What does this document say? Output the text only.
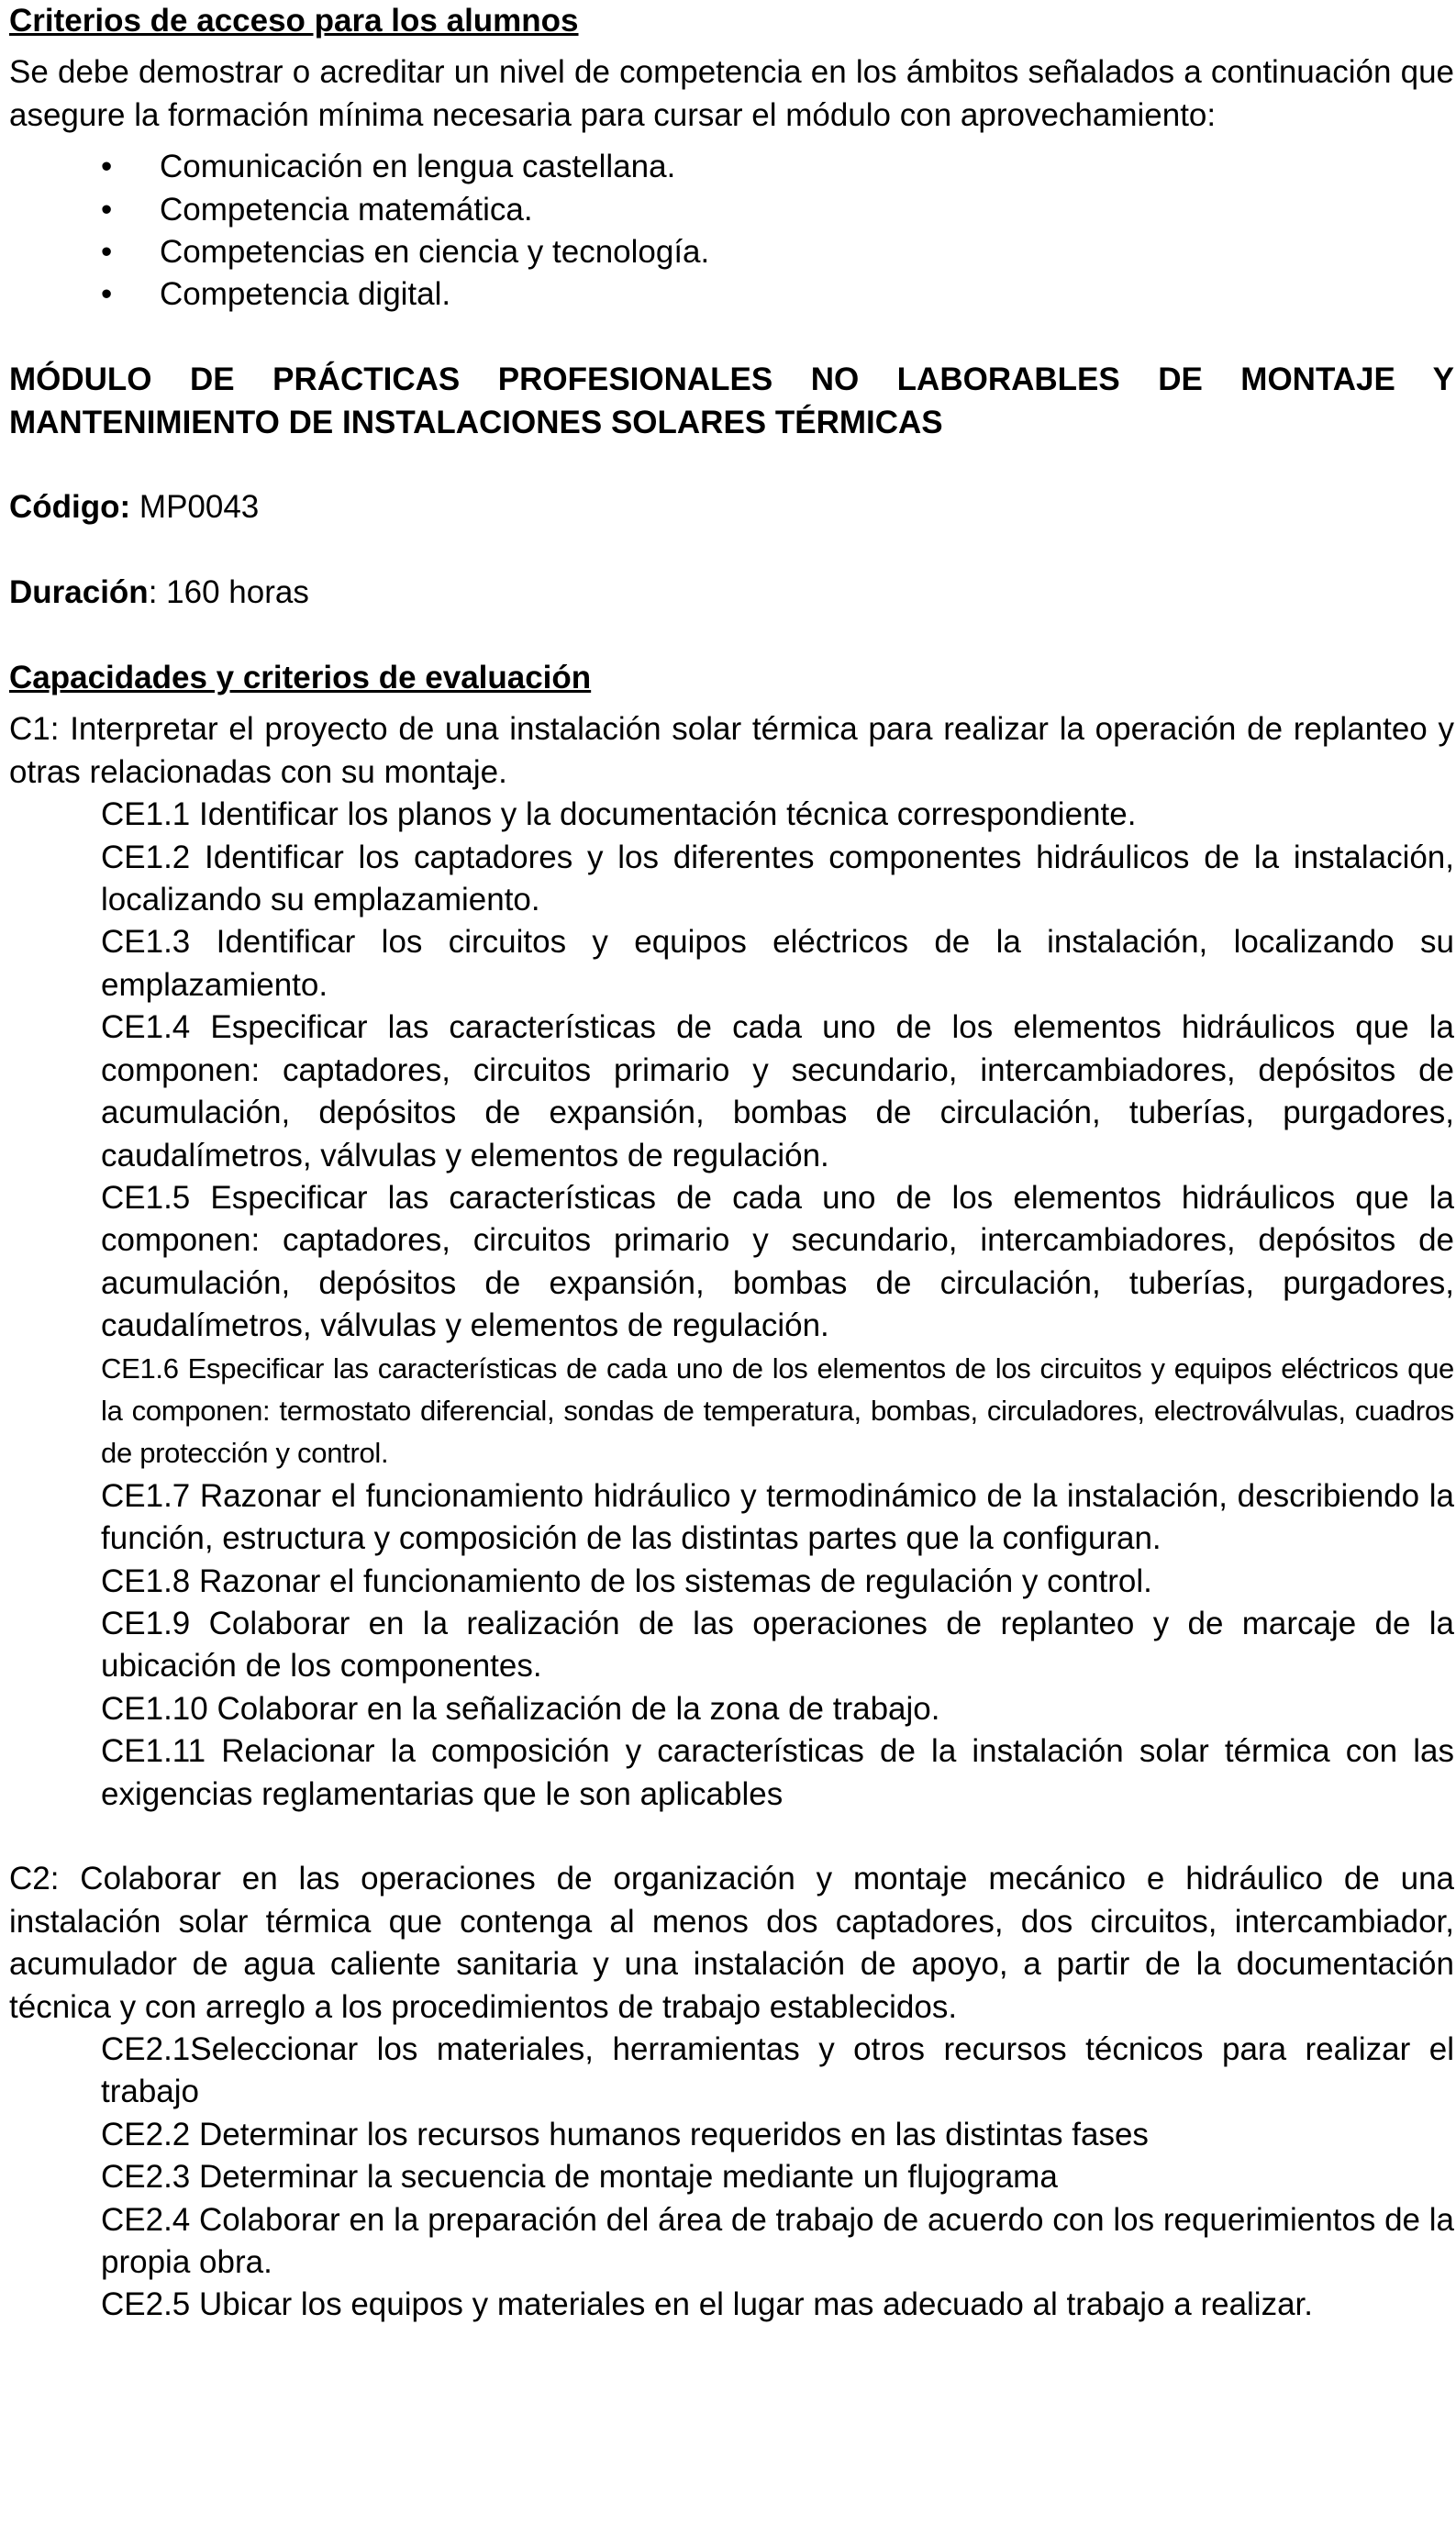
Criterios de acceso para los alumnos
Se debe demostrar o acreditar un nivel de competencia en los ámbitos señalados a continuación que asegure la formación mínima necesaria para cursar el módulo con aprovechamiento:
• Comunicación en lengua castellana.
• Competencia matemática.
• Competencias en ciencia y tecnología.
• Competencia digital.
MÓDULO DE PRÁCTICAS PROFESIONALES NO LABORABLES DE MONTAJE Y MANTENIMIENTO DE INSTALACIONES SOLARES TÉRMICAS
Código: MP0043
Duración: 160 horas
Capacidades y criterios de evaluación
C1: Interpretar el proyecto de una instalación solar térmica para realizar la operación de replanteo y otras relacionadas con su montaje.
CE1.1 Identificar los planos y la documentación técnica correspondiente.
CE1.2 Identificar los captadores y los diferentes componentes hidráulicos de la instalación, localizando su emplazamiento.
CE1.3 Identificar los circuitos y equipos eléctricos de la instalación, localizando su emplazamiento.
CE1.4 Especificar las características de cada uno de los elementos hidráulicos que la componen: captadores, circuitos primario y secundario, intercambiadores, depósitos de acumulación, depósitos de expansión, bombas de circulación, tuberías, purgadores, caudalímetros, válvulas y elementos de regulación.
CE1.5 Especificar las características de cada uno de los elementos hidráulicos que la componen: captadores, circuitos primario y secundario, intercambiadores, depósitos de acumulación, depósitos de expansión, bombas de circulación, tuberías, purgadores, caudalímetros, válvulas y elementos de regulación.
CE1.6 Especificar las características de cada uno de los elementos de los circuitos y equipos eléctricos que la componen: termostato diferencial, sondas de temperatura, bombas, circuladores, electroválvulas, cuadros de protección y control.
CE1.7 Razonar el funcionamiento hidráulico y termodinámico de la instalación, describiendo la función, estructura y composición de las distintas partes que la configuran.
CE1.8 Razonar el funcionamiento de los sistemas de regulación y control.
CE1.9 Colaborar en la realización de las operaciones de replanteo y de marcaje de la ubicación de los componentes.
CE1.10 Colaborar en la señalización de la zona de trabajo.
CE1.11 Relacionar la composición y características de la instalación solar térmica con las exigencias reglamentarias que le son aplicables
C2: Colaborar en las operaciones de organización y montaje mecánico e hidráulico de una instalación solar térmica que contenga al menos dos captadores, dos circuitos, intercambiador, acumulador de agua caliente sanitaria y una instalación de apoyo, a partir de la documentación técnica y con arreglo a los procedimientos de trabajo establecidos.
CE2.1Seleccionar los materiales, herramientas y otros recursos técnicos para realizar el trabajo
CE2.2 Determinar los recursos humanos requeridos en las distintas fases
CE2.3 Determinar la secuencia de montaje mediante un flujograma
CE2.4 Colaborar en la preparación del área de trabajo de acuerdo con los requerimientos de la propia obra.
CE2.5 Ubicar los equipos y materiales en el lugar mas adecuado al trabajo a realizar.
